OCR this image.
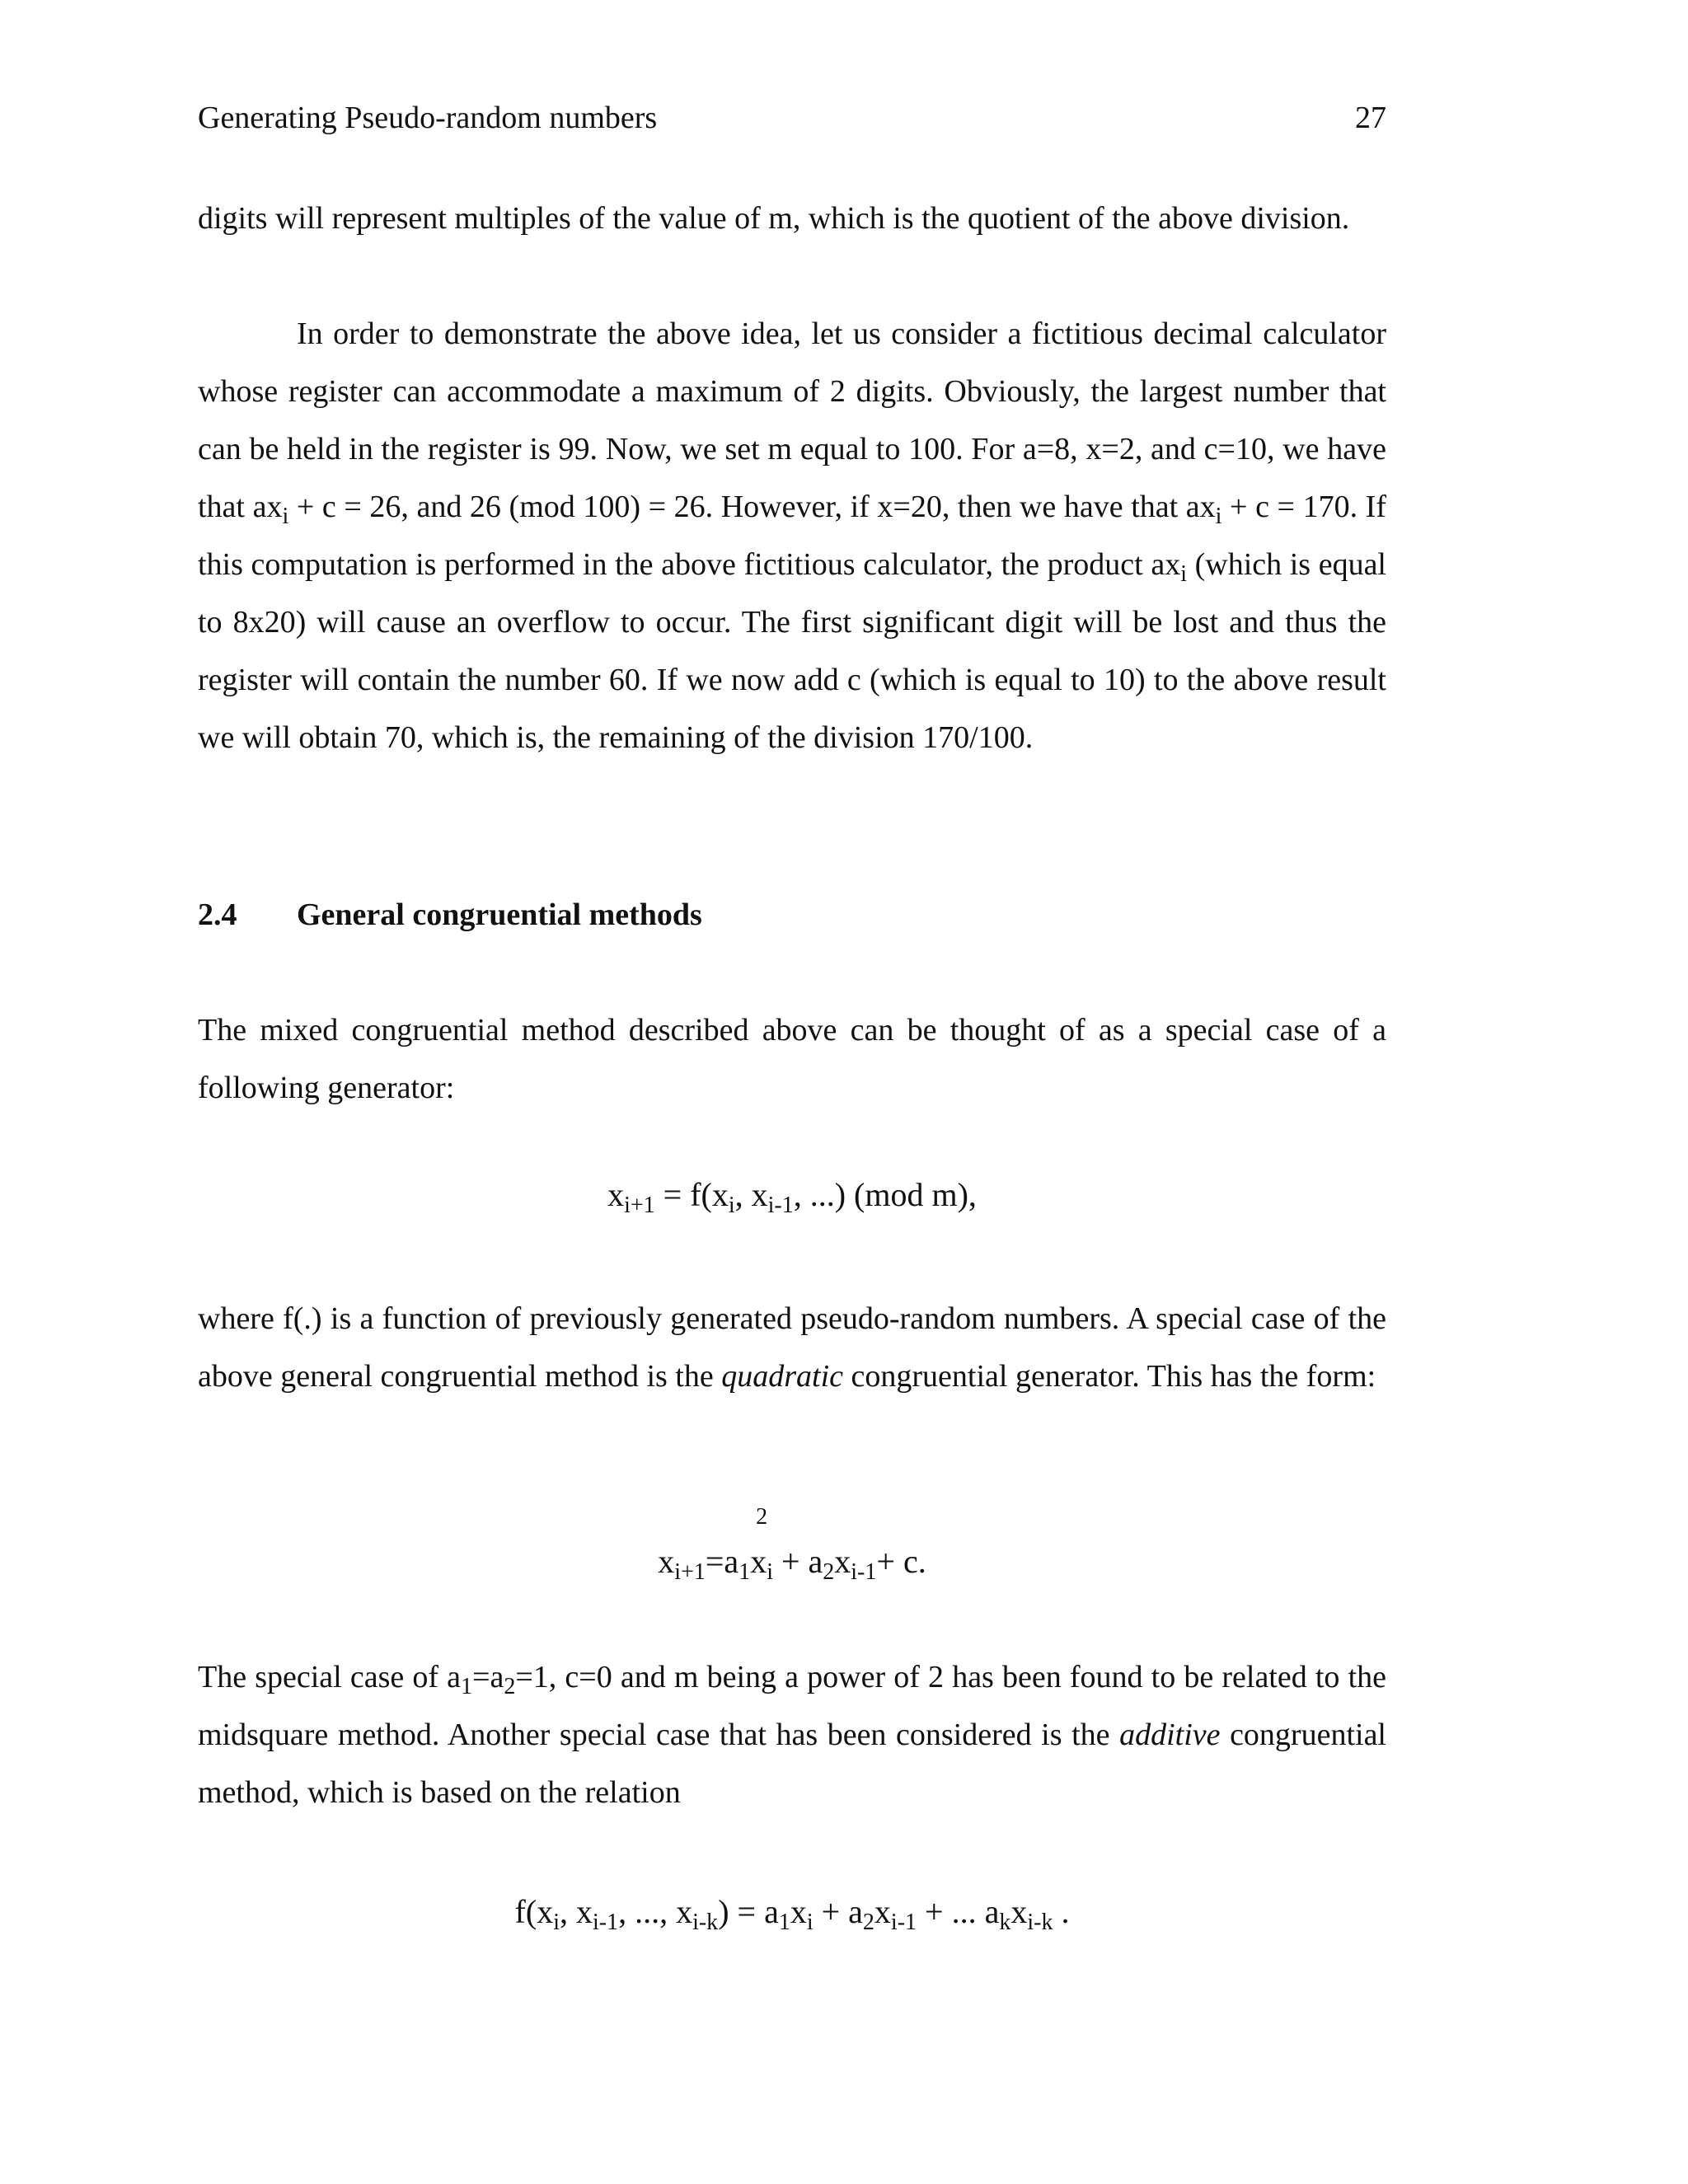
Generating Pseudo-random numbers	27

digits will represent multiples of the value of m, which is the quotient of the above division.

In order to demonstrate the above idea, let us consider a fictitious decimal calculator whose register can accommodate a maximum of 2 digits. Obviously, the largest number that can be held in the register is 99. Now, we set m equal to 100. For a=8, x=2, and c=10, we have that $ax_i + c = 26$, and 26 (mod 100) = 26. However, if x=20, then we have that $ax_i + c = 170$. If this computation is performed in the above fictitious calculator, the product $ax_i$ (which is equal to 8x20) will cause an overflow to occur. The first significant digit will be lost and thus the register will contain the number 60. If we now add c (which is equal to 10) to the above result we will obtain 70, which is, the remaining of the division 170/100.

2.4 General congruential methods

The mixed congruential method described above can be thought of as a special case of a following generator:

$x_{i+1} = f(x_i$, $x_{i-1}$, ...) (mod m),

where f(.) is a function of previously generated pseudo-random numbers. A special case of the above general congruential method is the quadratic congruential generator. This has the form:

$x_{i+1}=a_1$
2
$x_i + a_2x_{i-1}+ c$.

The special case of $a_1=a_2=1$, c=0 and m being a power of 2 has been found to be related to the midsquare method. Another special case that has been considered is the additive congruential method, which is based on the relation

$f(x_i$, $x_{i-1}$, ..., $x_{i-k}) = a_1x_i + a_2x_{i-1}$ + ... $a_kx_{i-k}$ .
